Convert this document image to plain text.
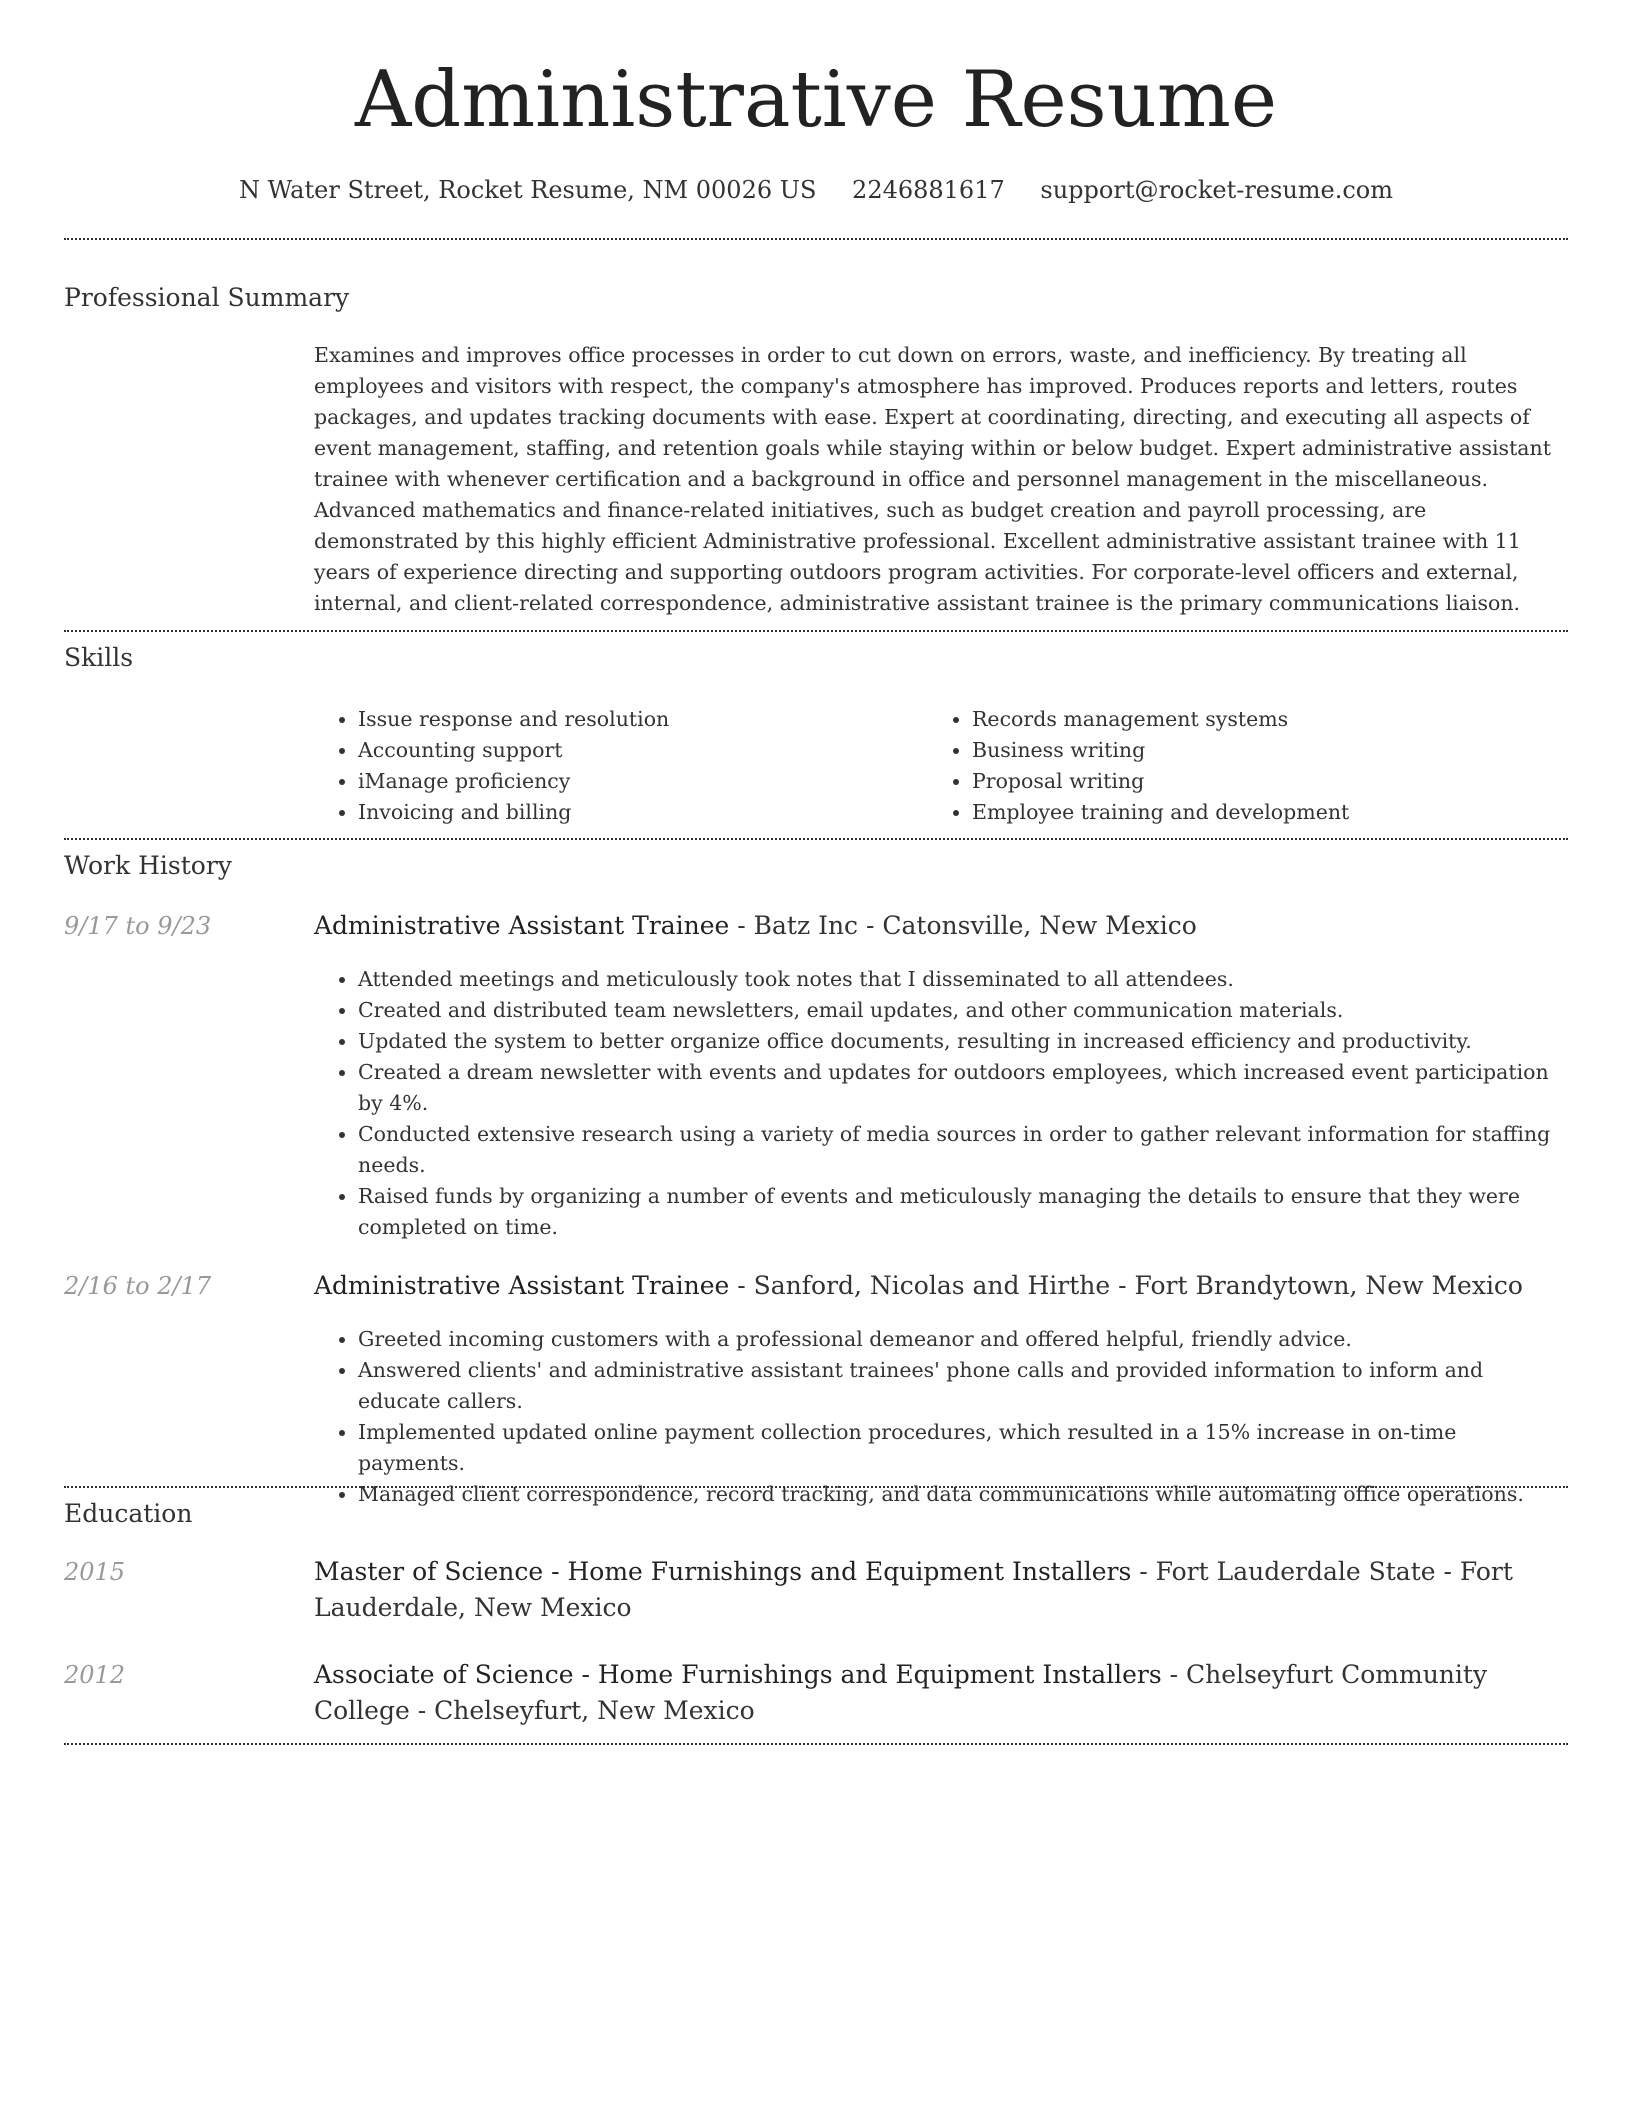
Administrative Resume
N Water Street, Rocket Resume, NM 00026 US 2246881617 support@rocket-resume.com
Professional Summary

Examines and improves office processes in order to cut down on errors, waste, and inefficiency. By treating all employees and visitors with respect, the company's atmosphere has improved. Produces reports and letters, routes packages, and updates tracking documents with ease. Expert at coordinating, directing, and executing all aspects of event management, staffing, and retention goals while staying within or below budget. Expert administrative assistant trainee with whenever certification and a background in office and personnel management in the miscellaneous. Advanced mathematics and finance-related initiatives, such as budget creation and payroll processing, are demonstrated by this highly efficient Administrative professional. Excellent administrative assistant trainee with 11 years of experience directing and supporting outdoors program activities. For corporate-level officers and external, internal, and client-related correspondence, administrative assistant trainee is the primary communications liaison.

Skills
• Issue response and resolution
• Accounting support
• iManage proficiency
• Invoicing and billing
• Records management systems
• Business writing
• Proposal writing
• Employee training and development
Work History
9/17 to 9/23	Administrative Assistant Trainee - Batz Inc - Catonsville, New Mexico
• Attended meetings and meticulously took notes that I disseminated to all attendees.
• Created and distributed team newsletters, email updates, and other communication materials.
• Updated the system to better organize office documents, resulting in increased efficiency and productivity.
• Created a dream newsletter with events and updates for outdoors employees, which increased event participation by 4%.
• Conducted extensive research using a variety of media sources in order to gather relevant information for staffing needs.
• Raised funds by organizing a number of events and meticulously managing the details to ensure that they were completed on time.
2/16 to 2/17	Administrative Assistant Trainee - Sanford, Nicolas and Hirthe - Fort Brandytown, New Mexico
• Greeted incoming customers with a professional demeanor and offered helpful, friendly advice.
• Answered clients' and administrative assistant trainees' phone calls and provided information to inform and educate callers.
• Implemented updated online payment collection procedures, which resulted in a 15% increase in on-time payments.
• Managed client correspondence, record tracking, and data communications while automating office operations.
Education
2015	Master of Science - Home Furnishings and Equipment Installers - Fort Lauderdale State - Fort Lauderdale, New Mexico
2012	Associate of Science - Home Furnishings and Equipment Installers - Chelseyfurt Community College - Chelseyfurt, New Mexico
